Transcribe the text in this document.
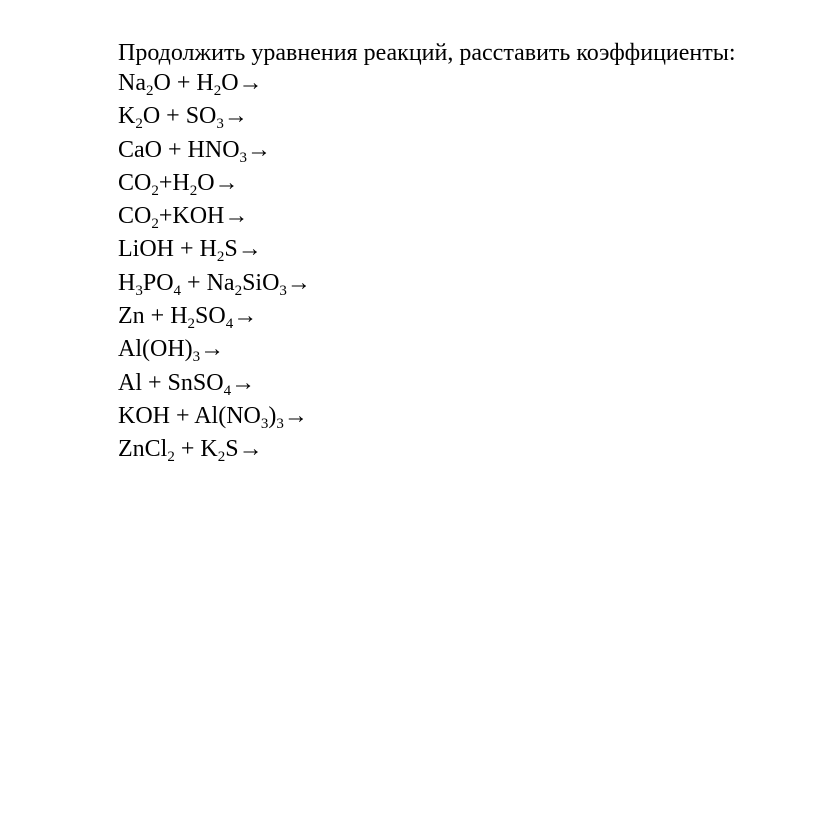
Продолжить уравнения реакций, расставить коэффициенты:
$Na_2O + H_2O\to$
$K_2O + SO_3\to$
CaO + $HNO_3\to$
$CO_2+H_2O\to$
$CO_2+KOH\to$
LiOH + $H_2S\to$
$H_3PO_4 + Na_2SiO_3\to$
$Zn + H_2SO_4\to$
$Al(OH)_3\to$
Al + SnSO$_4$→
KOH + $Al(NO_3)_3\to$
ZnCl$_2$ + $K_2S\to$
